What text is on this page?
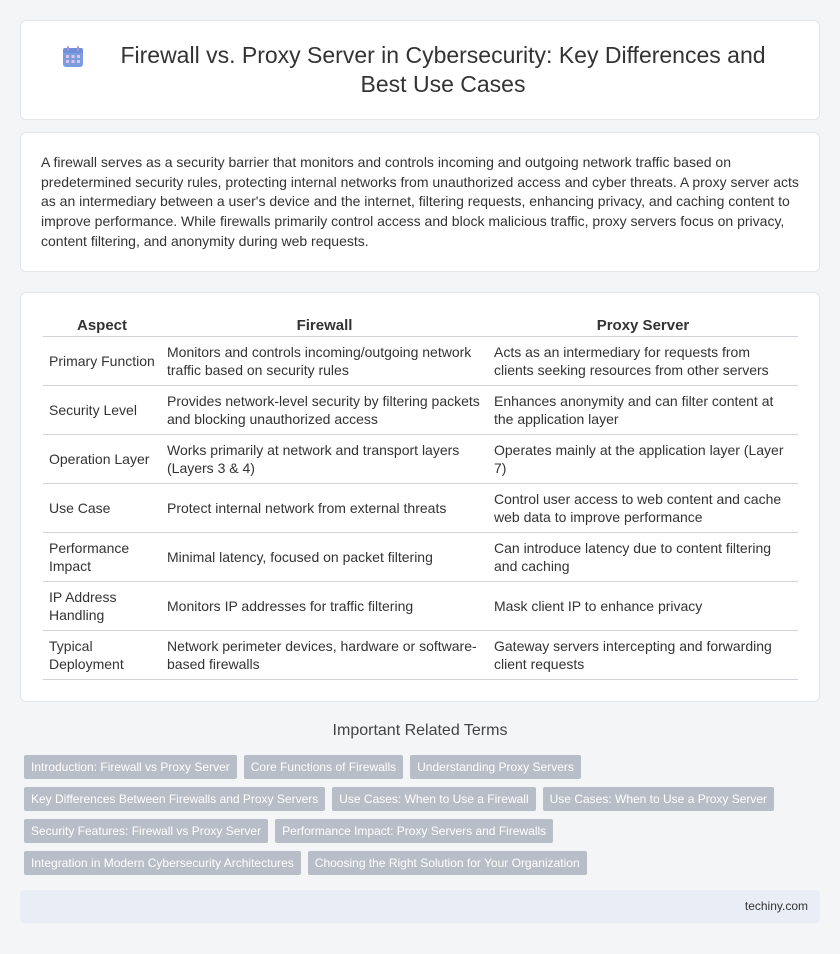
Firewall vs. Proxy Server in Cybersecurity: Key Differences and Best Use Cases

A firewall serves as a security barrier that monitors and controls incoming and outgoing network traffic based on predetermined security rules, protecting internal networks from unauthorized access and cyber threats. A proxy server acts as an intermediary between a user's device and the internet, filtering requests, enhancing privacy, and caching content to improve performance. While firewalls primarily control access and block malicious traffic, proxy servers focus on privacy, content filtering, and anonymity during web requests.

Aspect	Firewall	Proxy Server
Primary Function	Monitors and controls incoming/outgoing network traffic based on security rules	Acts as an intermediary for requests from clients seeking resources from other servers
Security Level	Provides network-level security by filtering packets and blocking unauthorized access	Enhances anonymity and can filter content at the application layer
Operation Layer	Works primarily at network and transport layers (Layers 3 & 4)	Operates mainly at the application layer (Layer 7)
Use Case	Protect internal network from external threats	Control user access to web content and cache web data to improve performance
Performance Impact	Minimal latency, focused on packet filtering	Can introduce latency due to content filtering and caching
IP Address Handling	Monitors IP addresses for traffic filtering	Mask client IP to enhance privacy
Typical Deployment	Network perimeter devices, hardware or software-based firewalls	Gateway servers intercepting and forwarding client requests
Important Related Terms
Introduction: Firewall vs Proxy Server	Core Functions of Firewalls	Understanding Proxy Servers
Key Differences Between Firewalls and Proxy Servers	Use Cases: When to Use a Firewall	Use Cases: When to Use a Proxy Server
Security Features: Firewall vs Proxy Server	Performance Impact: Proxy Servers and Firewalls
Integration in Modern Cybersecurity Architectures	Choosing the Right Solution for Your Organization
techiny.com
